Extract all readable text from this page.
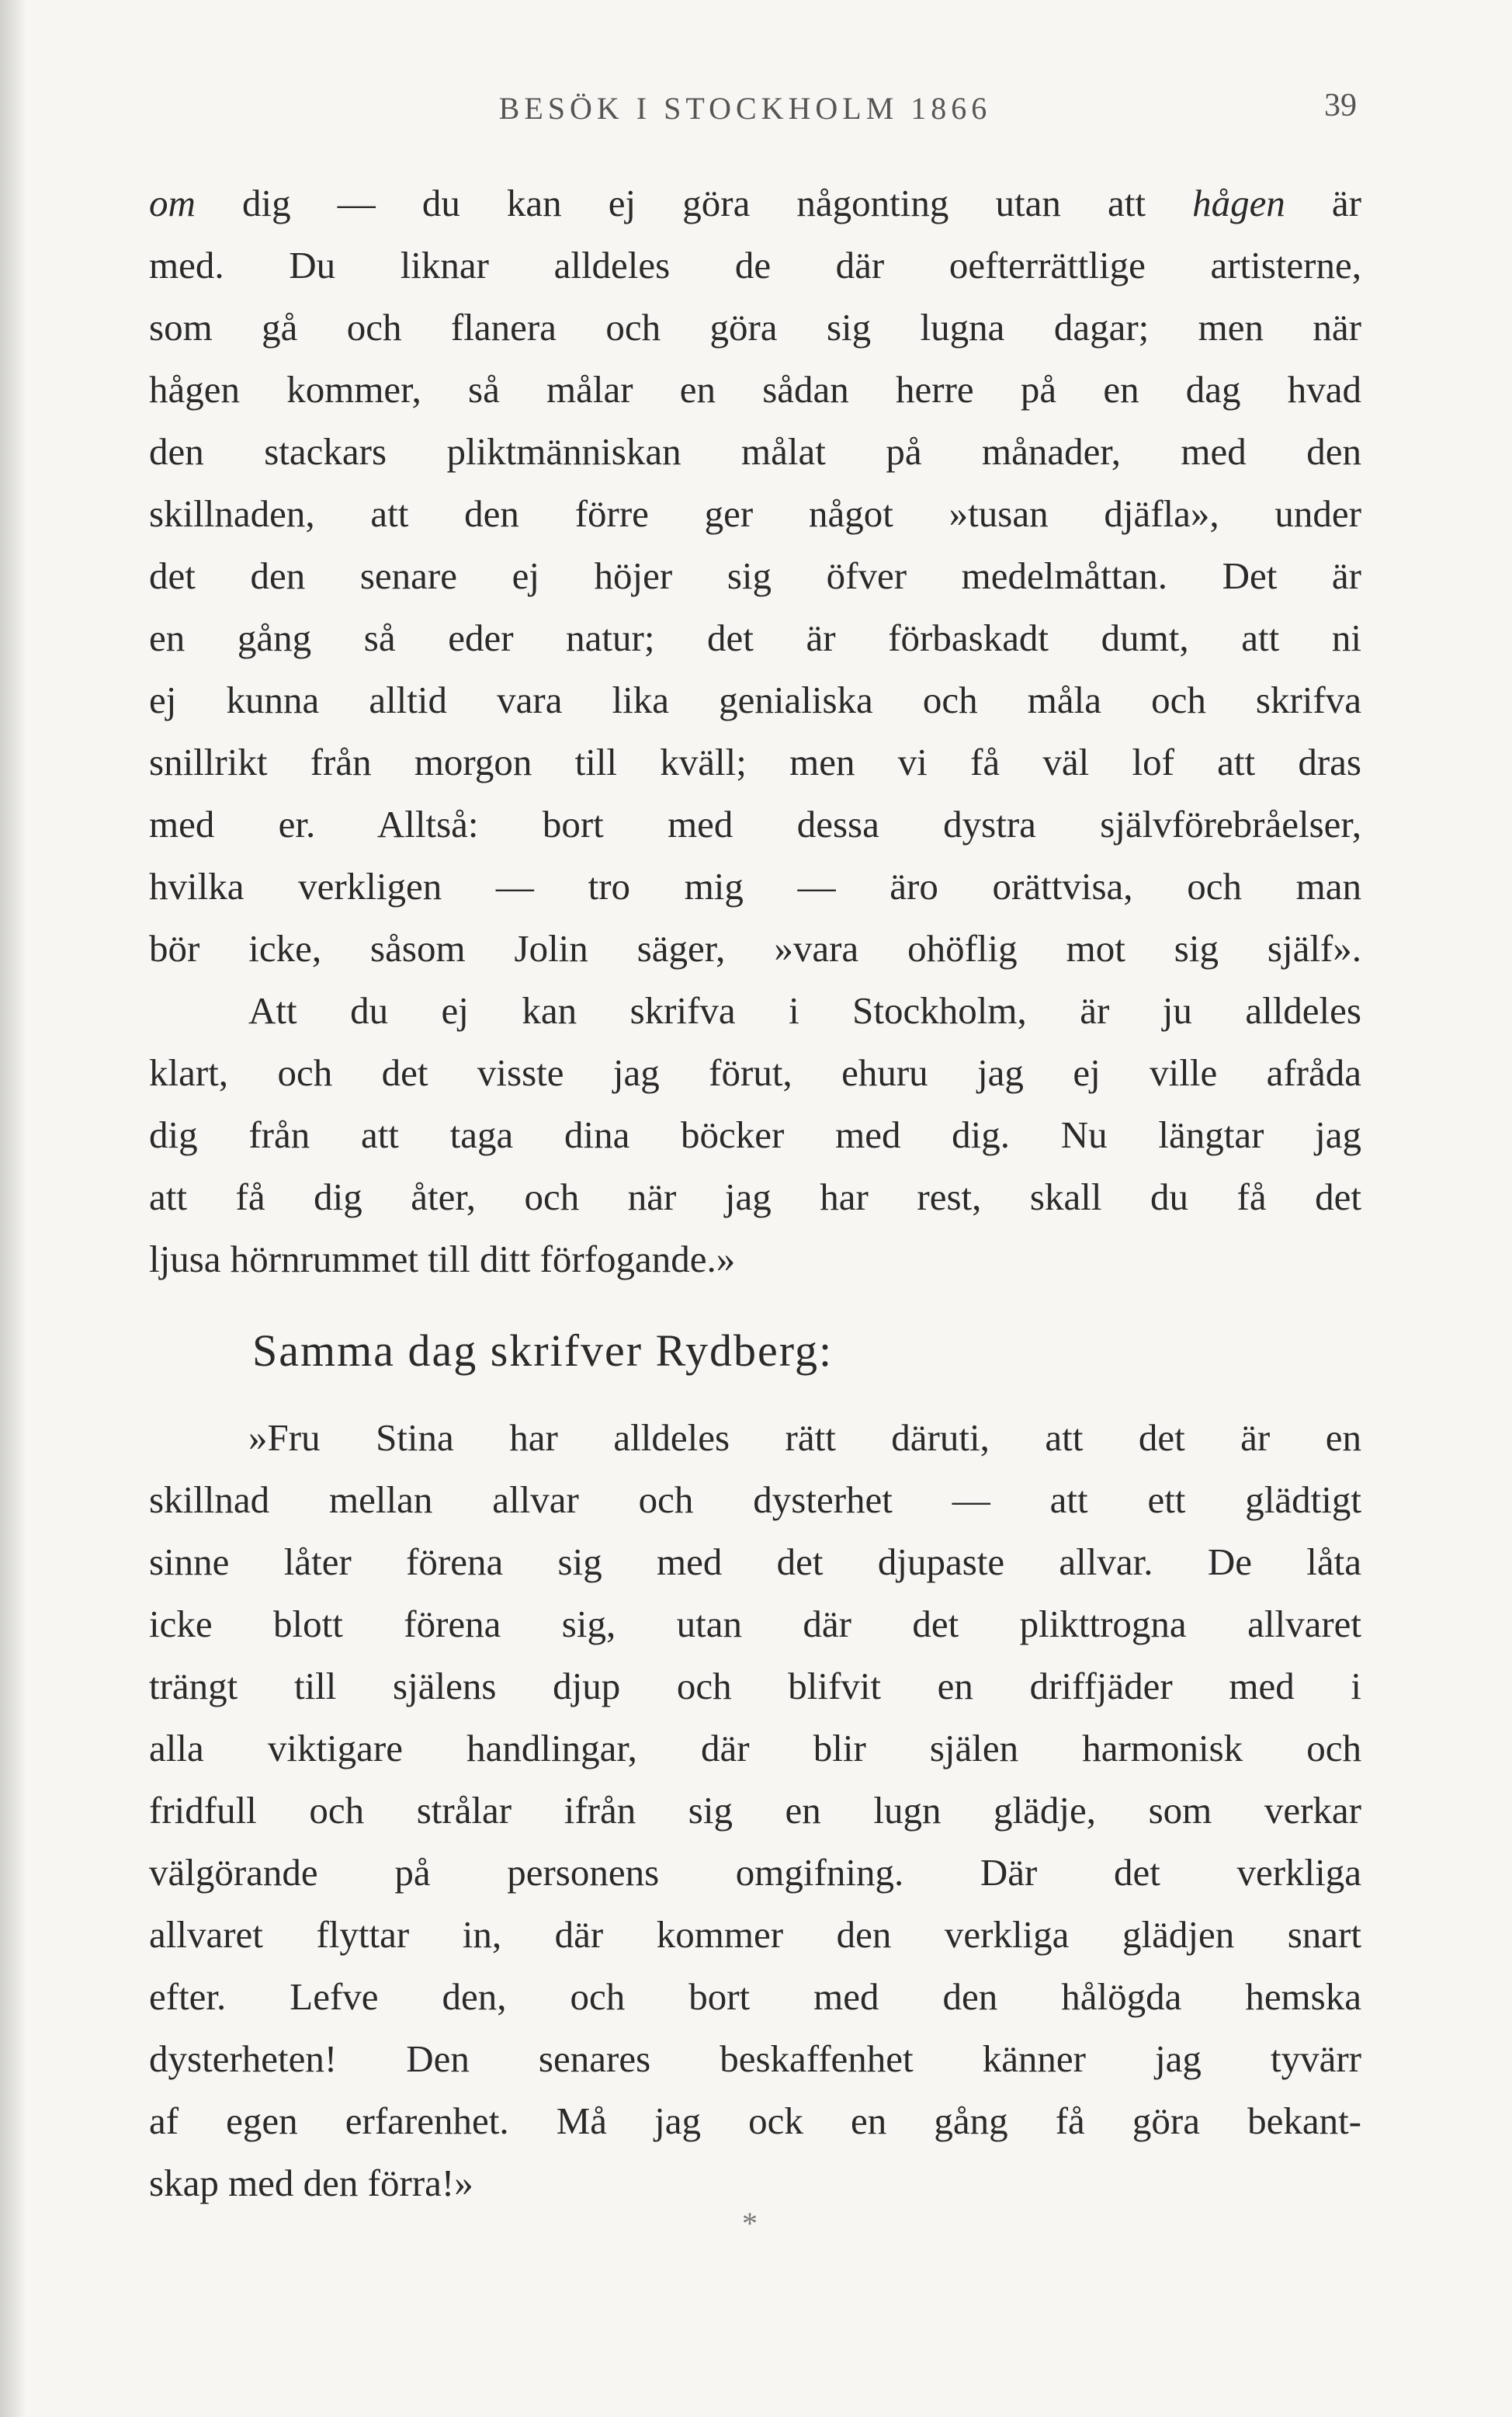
BESÖK I STOCKHOLM 1866	39
om dig — du kan ej göra någonting utan att hågen är
med. Du liknar alldeles de där oefterrättlige artisterne,
som gå och flanera och göra sig lugna dagar; men när
hågen kommer, så målar en sådan herre på en dag hvad
den stackars pliktmänniskan målat på månader, med den
skillnaden, att den förre ger något »tusan djäfla», under
det den senare ej höjer sig öfver medelmåttan. Det är
en gång så eder natur; det är förbaskadt dumt, att ni
ej kunna alltid vara lika genialiska och måla och skrifva
snillrikt från morgon till kväll; men vi få väl lof att dras
med er. Alltså: bort med dessa dystra självförebråelser,
hvilka verkligen — tro mig — äro orättvisa, och man
bör icke, såsom Jolin säger, »vara ohöflig mot sig själf».
Att du ej kan skrifva i Stockholm, är ju alldeles
klart, och det visste jag förut, ehuru jag ej ville afråda
dig från att taga dina böcker med dig. Nu längtar jag
att få dig åter, och när jag har rest, skall du få det
ljusa hörnrummet till ditt förfogande.»
»Fru Stina har alldeles rätt däruti, att det är en
skillnad mellan allvar och dysterhet — att ett glädtigt
sinne låter förena sig med det djupaste allvar. De låta
icke blott förena sig, utan där det plikttrogna allvaret
trängt till själens djup och blifvit en driffjäder med i
alla viktigare handlingar, där blir själen harmonisk och
fridfull och strålar ifrån sig en lugn glädje, som verkar
välgörande på personens omgifning. Där det verkliga
allvaret flyttar in, där kommer den verkliga glädjen snart
efter. Lefve den, och bort med den hålögda hemska
dysterheten! Den senares beskaffenhet känner jag tyvärr
af egen erfarenhet. Må jag ock en gång få göra bekant-
skap med den förra!»
Samma dag skrifver Rydberg:
*
